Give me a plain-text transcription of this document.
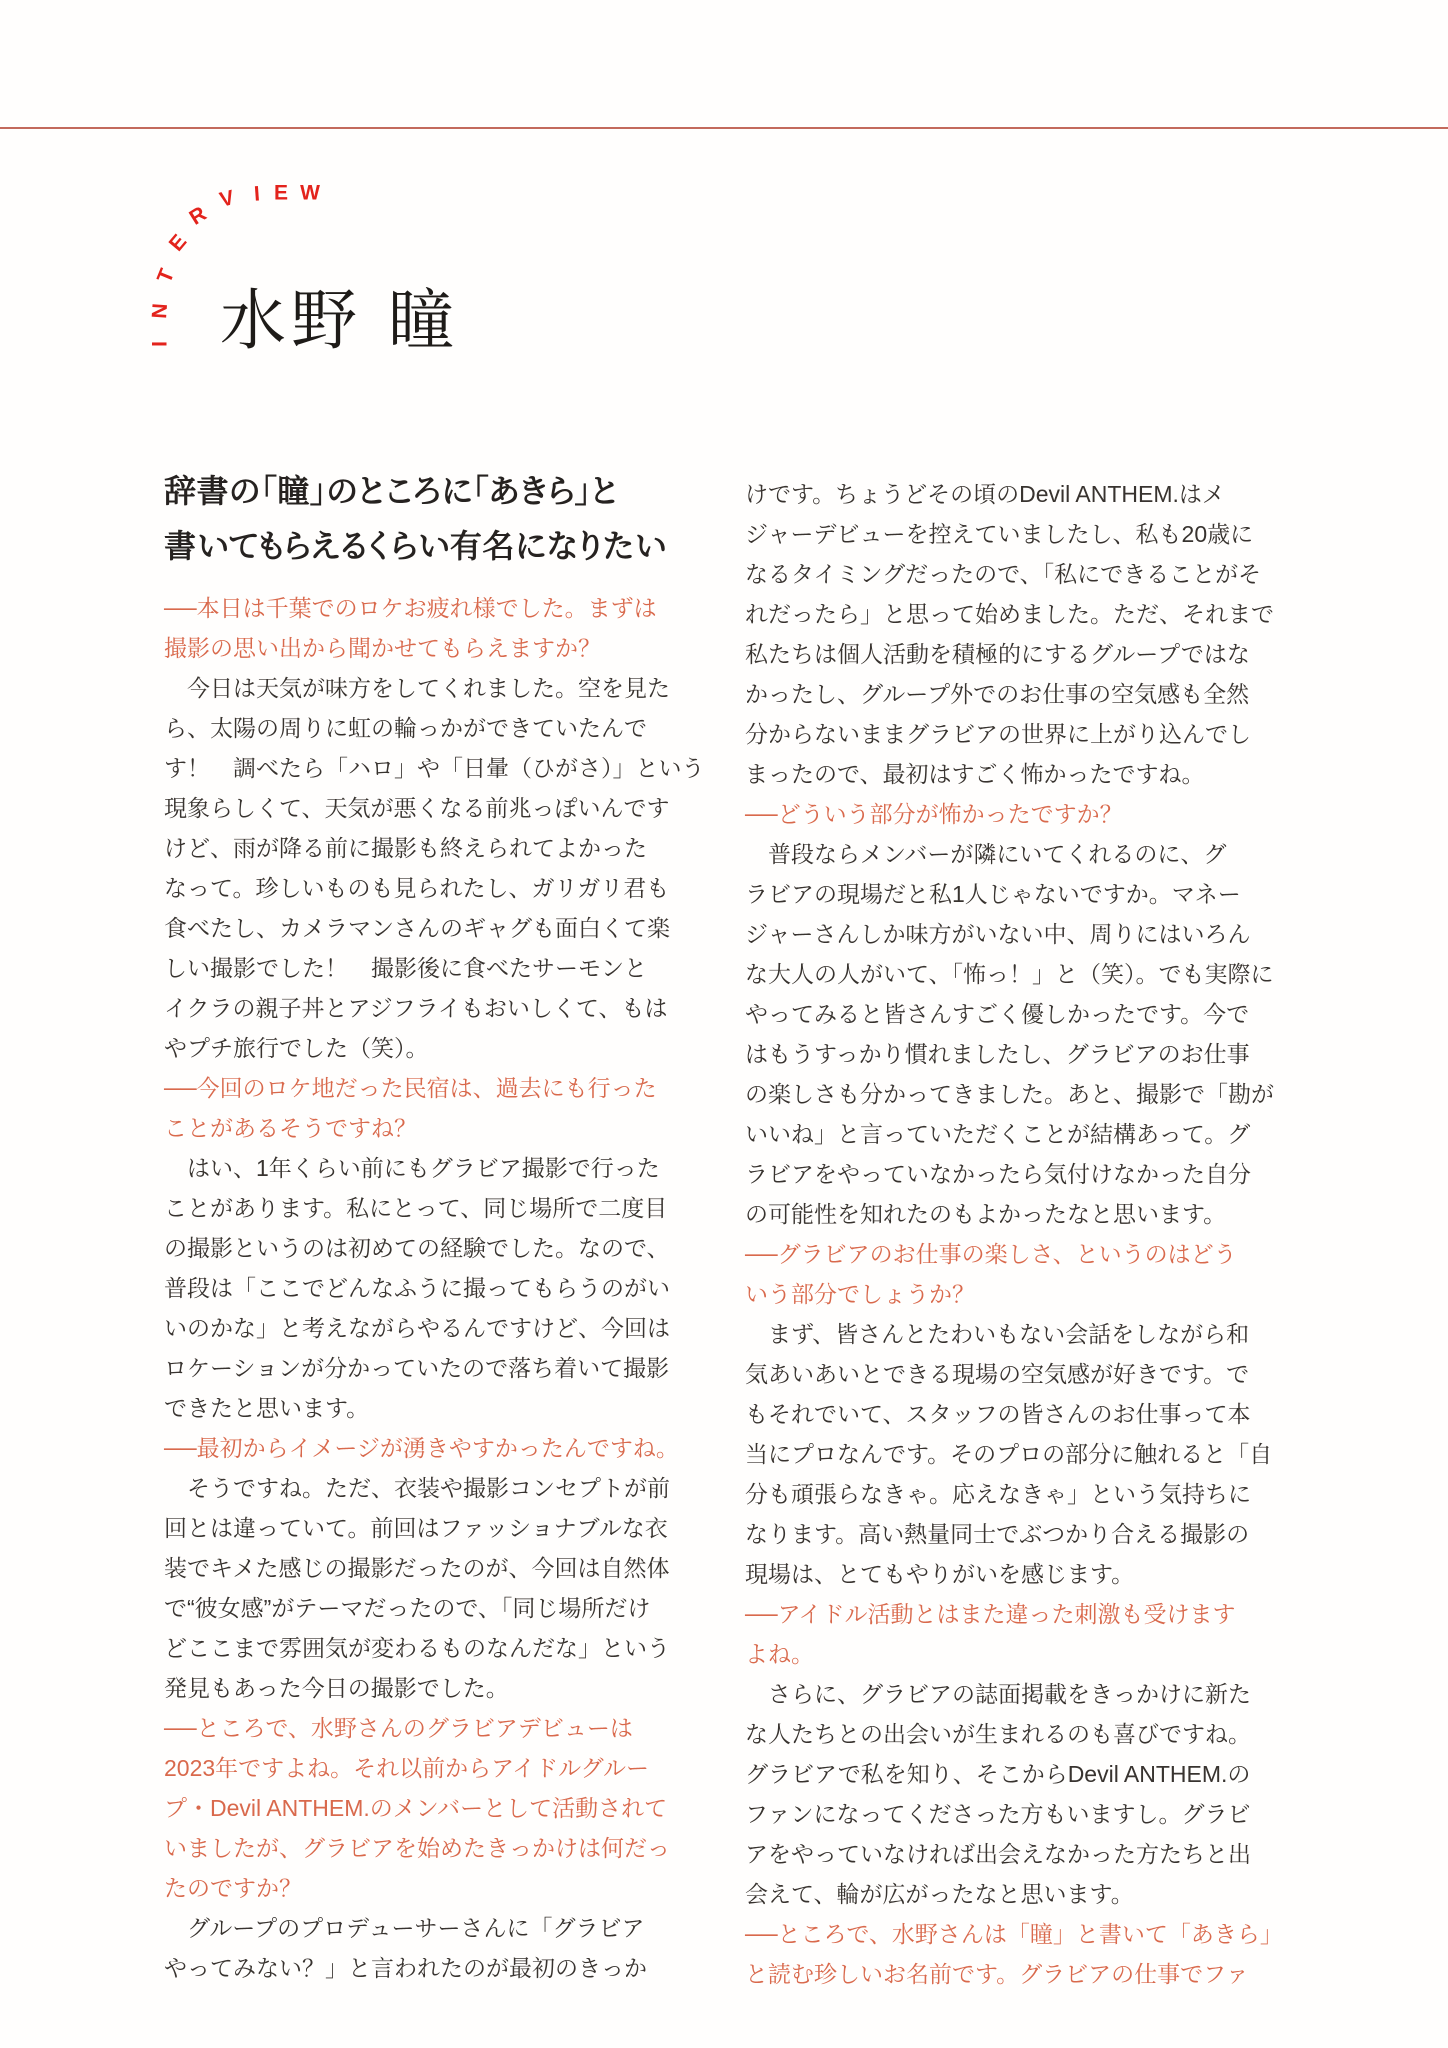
I
N
T
E
R
V I E W
水野 瞳
辞書の「瞳」のところに「あきら」と
書いてもらえるくらい有名になりたい

──本日は千葉でのロケお疲れ様でした。まずは
撮影の思い出から聞かせてもらえますか？

　今日は天気が味方をしてくれました。空を見た
ら、太陽の周りに虹の輪っかができていたんで
す！　調べたら「ハロ」や「日暈（ひがさ）」という
現象らしくて、天気が悪くなる前兆っぽいんです
けど、雨が降る前に撮影も終えられてよかった
なって。珍しいものも見られたし、ガリガリ君も
食べたし、カメラマンさんのギャグも面白くて楽
しい撮影でした！　撮影後に食べたサーモンと
イクラの親子丼とアジフライもおいしくて、もは
やプチ旅行でした（笑）。

──今回のロケ地だった民宿は、過去にも行った
ことがあるそうですね？

　はい、1年くらい前にもグラビア撮影で行った
ことがあります。私にとって、同じ場所で二度目
の撮影というのは初めての経験でした。なので、
普段は「ここでどんなふうに撮ってもらうのがい
いのかな」と考えながらやるんですけど、今回は
ロケーションが分かっていたので落ち着いて撮影
できたと思います。

──最初からイメージが湧きやすかったんですね。

　そうですね。ただ、衣装や撮影コンセプトが前
回とは違っていて。前回はファッショナブルな衣
装でキメた感じの撮影だったのが、今回は自然体
で“彼女感”がテーマだったので、「同じ場所だけ
どここまで雰囲気が変わるものなんだな」という
発見もあった今日の撮影でした。

──ところで、水野さんのグラビアデビューは
2023年ですよね。それ以前からアイドルグルー
プ・Devil ANTHEM.のメンバーとして活動されて
いましたが、グラビアを始めたきっかけは何だっ
たのですか？

　グループのプロデューサーさんに「グラビア
やってみない？」と言われたのが最初のきっか

けです。ちょうどその頃のDevil ANTHEM.はメ
ジャーデビューを控えていましたし、私も20歳に
なるタイミングだったので、「私にできることがそ
れだったら」と思って始めました。ただ、それまで
私たちは個人活動を積極的にするグループではな
かったし、グループ外でのお仕事の空気感も全然
分からないままグラビアの世界に上がり込んでし
まったので、最初はすごく怖かったですね。

──どういう部分が怖かったですか？

　普段ならメンバーが隣にいてくれるのに、グ
ラビアの現場だと私1人じゃないですか。マネー
ジャーさんしか味方がいない中、周りにはいろん
な大人の人がいて、「怖っ！」と（笑）。でも実際に
やってみると皆さんすごく優しかったです。今で
はもうすっかり慣れましたし、グラビアのお仕事
の楽しさも分かってきました。あと、撮影で「勘が
いいね」と言っていただくことが結構あって。グ
ラビアをやっていなかったら気付けなかった自分
の可能性を知れたのもよかったなと思います。

──グラビアのお仕事の楽しさ、というのはどう
いう部分でしょうか？

　まず、皆さんとたわいもない会話をしながら和
気あいあいとできる現場の空気感が好きです。で
もそれでいて、スタッフの皆さんのお仕事って本
当にプロなんです。そのプロの部分に触れると「自
分も頑張らなきゃ。応えなきゃ」という気持ちに
なります。高い熱量同士でぶつかり合える撮影の
現場は、とてもやりがいを感じます。

──アイドル活動とはまた違った刺激も受けます
よね。

　さらに、グラビアの誌面掲載をきっかけに新た
な人たちとの出会いが生まれるのも喜びですね。
グラビアで私を知り、そこからDevil ANTHEM.の
ファンになってくださった方もいますし。グラビ
アをやっていなければ出会えなかった方たちと出
会えて、輪が広がったなと思います。

──ところで、水野さんは「瞳」と書いて「あきら」
と読む珍しいお名前です。グラビアの仕事でファ
